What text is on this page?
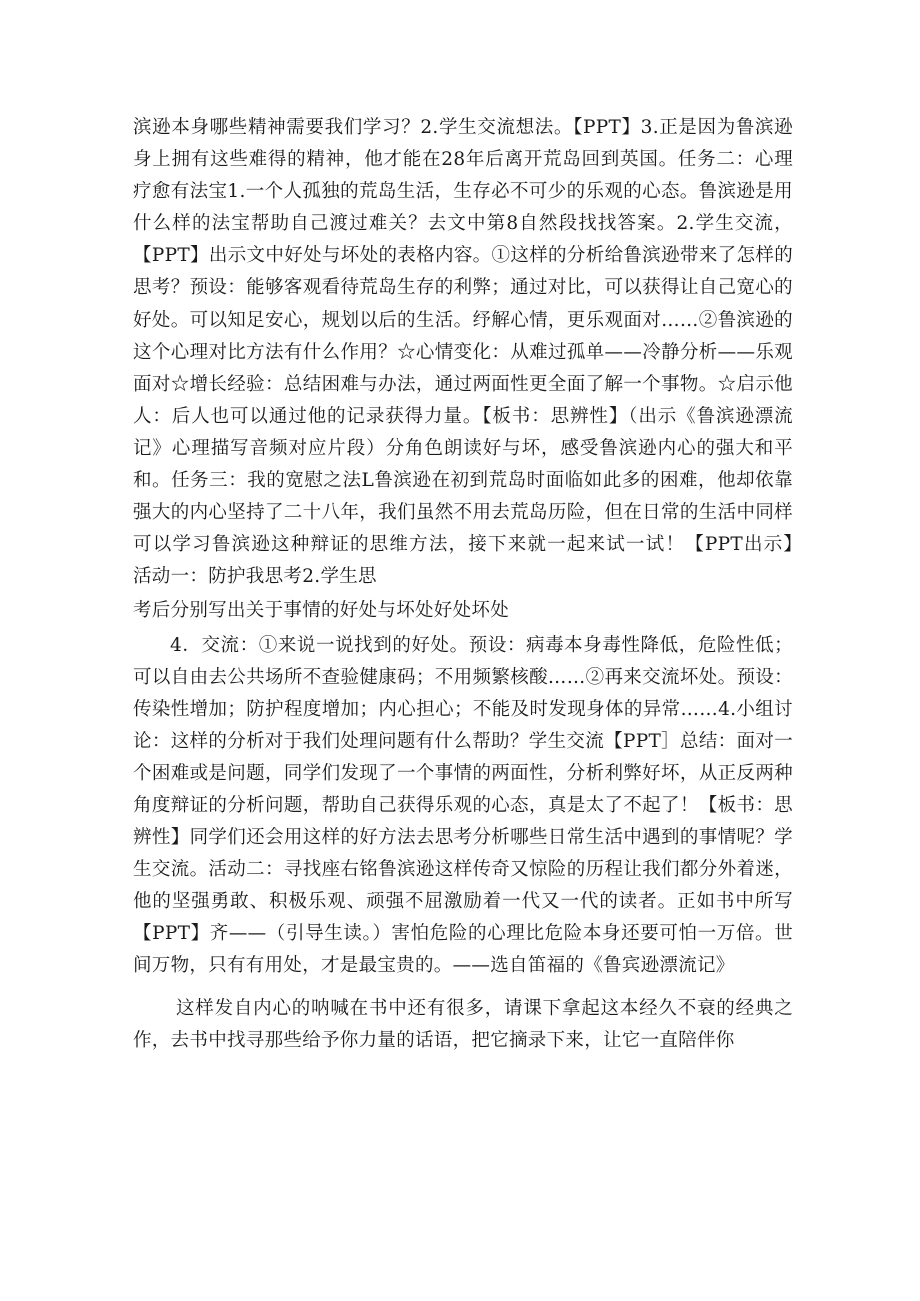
滨逊本身哪些精神需要我们学习？2.学生交流想法。【PPT】3.正是因为鲁滨逊身上拥有这些难得的精神，他才能在28年后离开荒岛回到英国。任务二：心理疗愈有法宝1.一个人孤独的荒岛生活，生存必不可少的乐观的心态。鲁滨逊是用什么样的法宝帮助自己渡过难关？去文中第8自然段找找答案。2.学生交流，【PPT】出示文中好处与坏处的表格内容。①这样的分析给鲁滨逊带来了怎样的思考？预设：能够客观看待荒岛生存的利弊；通过对比，可以获得让自己宽心的好处。可以知足安心，规划以后的生活。纾解心情，更乐观面对……②鲁滨逊的这个心理对比方法有什么作用？☆心情变化：从难过孤单——冷静分析——乐观面对☆增长经验：总结困难与办法，通过两面性更全面了解一个事物。☆启示他人：后人也可以通过他的记录获得力量。【板书：思辨性】（出示《鲁滨逊漂流记》心理描写音频对应片段）分角色朗读好与坏，感受鲁滨逊内心的强大和平和。任务三：我的宽慰之法L鲁滨逊在初到荒岛时面临如此多的困难，他却依靠强大的内心坚持了二十八年，我们虽然不用去荒岛历险，但在日常的生活中同样可以学习鲁滨逊这种辩证的思维方法，接下来就一起来试一试！【PPT出示】　　活动一：防护我思考2.学生思

考后分别写出关于事情的好处与坏处好处坏处

4．交流：①来说一说找到的好处。预设：病毒本身毒性降低，危险性低；可以自由去公共场所不查验健康码；不用频繁核酸……②再来交流坏处。预设：传染性增加；防护程度增加；内心担心；不能及时发现身体的异常……4.小组讨论：这样的分析对于我们处理问题有什么帮助？学生交流【PPT］总结：面对一个困难或是问题，同学们发现了一个事情的两面性，分析利弊好坏，从正反两种角度辩证的分析问题，帮助自己获得乐观的心态，真是太了不起了！【板书：思辨性】同学们还会用这样的好方法去思考分析哪些日常生活中遇到的事情呢？学生交流。活动二：寻找座右铭鲁滨逊这样传奇又惊险的历程让我们都分外着迷，他的坚强勇敢、积极乐观、顽强不屈激励着一代又一代的读者。正如书中所写【PPT】齐——（引导生读。）害怕危险的心理比危险本身还要可怕一万倍。世间万物，只有有用处，才是最宝贵的。——选自笛福的《鲁宾逊漂流记》

这样发自内心的呐喊在书中还有很多，请课下拿起这本经久不衰的经典之作，去书中找寻那些给予你力量的话语，把它摘录下来，让它一直陪伴你
